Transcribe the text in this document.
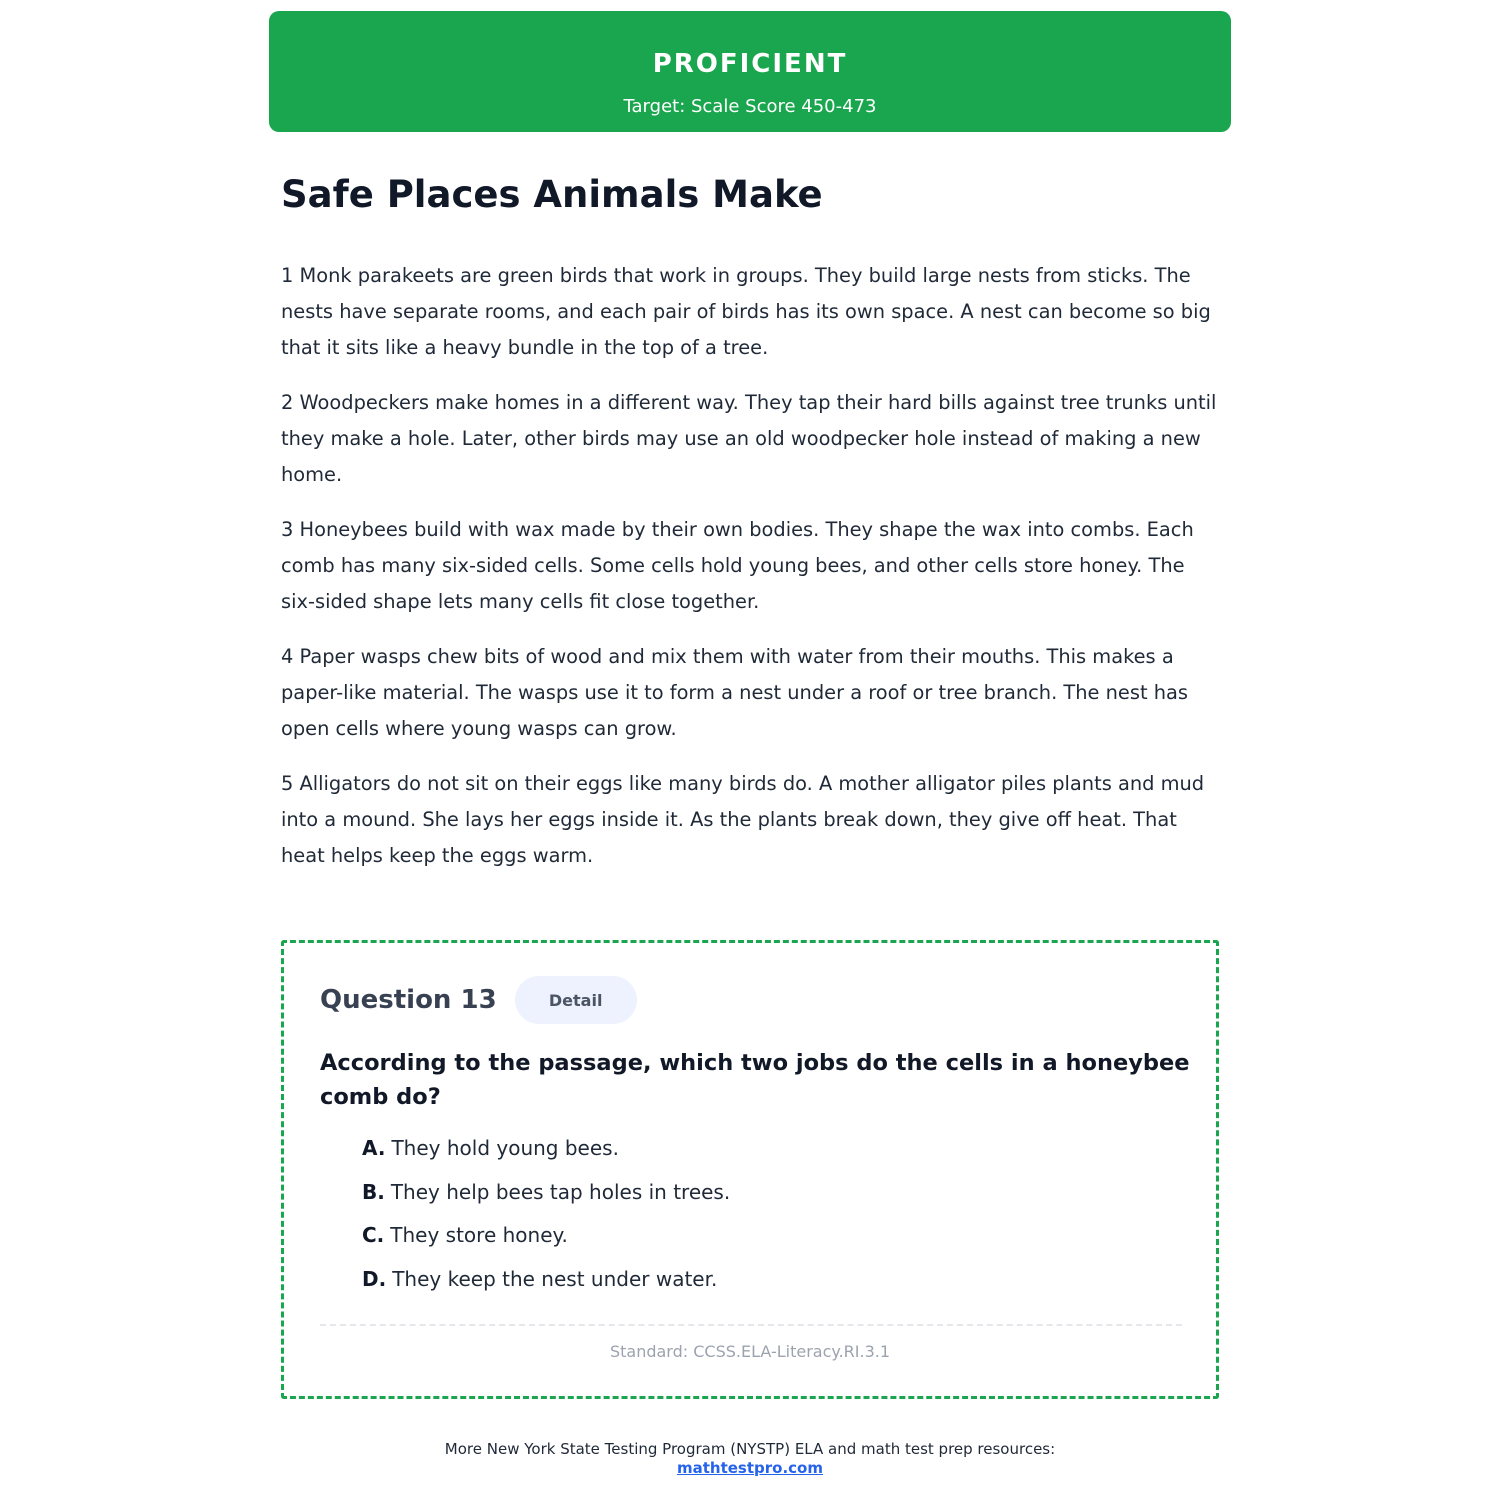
PROFICIENT
Target: Scale Score 450-473
Safe Places Animals Make

1 Monk parakeets are green birds that work in groups. They build large nests from sticks. The nests have separate rooms, and each pair of birds has its own space. A nest can become so big that it sits like a heavy bundle in the top of a tree.

2 Woodpeckers make homes in a different way. They tap their hard bills against tree trunks until they make a hole. Later, other birds may use an old woodpecker hole instead of making a new home.

3 Honeybees build with wax made by their own bodies. They shape the wax into combs. Each comb has many six-sided cells. Some cells hold young bees, and other cells store honey. The six-sided shape lets many cells fit close together.

4 Paper wasps chew bits of wood and mix them with water from their mouths. This makes a paper-like material. The wasps use it to form a nest under a roof or tree branch. The nest has open cells where young wasps can grow.

5 Alligators do not sit on their eggs like many birds do. A mother alligator piles plants and mud into a mound. She lays her eggs inside it. As the plants break down, they give off heat. That heat helps keep the eggs warm.

Question 13	Detail
According to the passage, which two jobs do the cells in a honeybee comb do?
A. They hold young bees.
B. They help bees tap holes in trees.
C. They store honey.
D. They keep the nest under water.
Standard: CCSS.ELA-Literacy.RI.3.1
More New York State Testing Program (NYSTP) ELA and math test prep resources:
mathtestpro.com
